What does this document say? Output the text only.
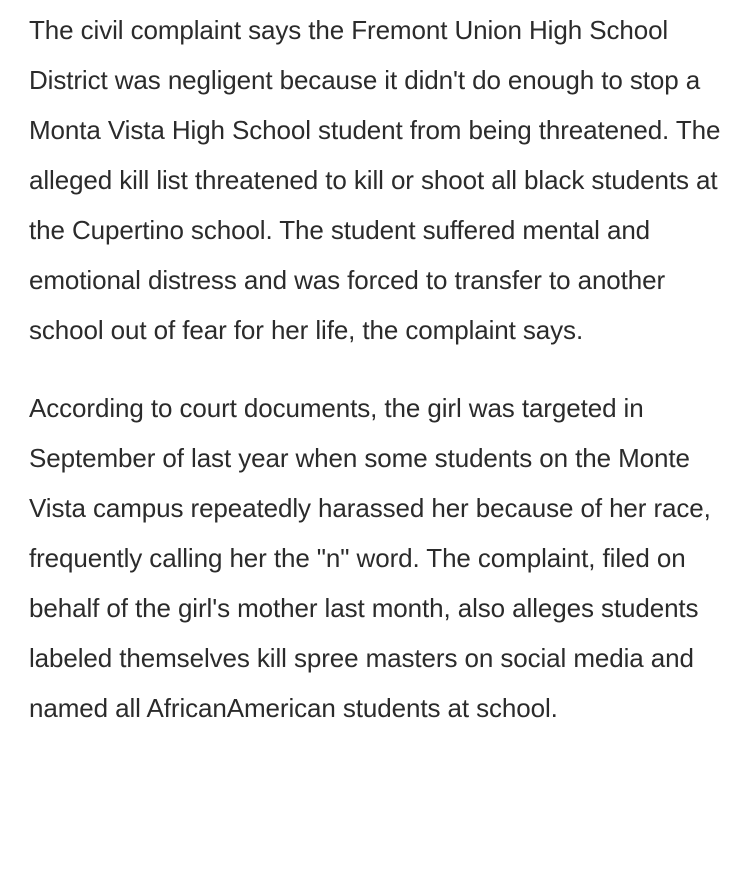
The civil complaint says the Fremont Union High School District was negligent because it didn't do enough to stop a Monta Vista High School student from being threatened. The alleged kill list threatened to kill or shoot all black students at the Cupertino school. The student suffered mental and emotional distress and was forced to transfer to another school out of fear for her life, the complaint says.

According to court documents, the girl was targeted in September of last year when some students on the Monte Vista campus repeatedly harassed her because of her race, frequently calling her the "n" word. The complaint, filed on behalf of the girl's mother last month, also alleges students labeled themselves kill spree masters on social media and named all AfricanAmerican students at school.
